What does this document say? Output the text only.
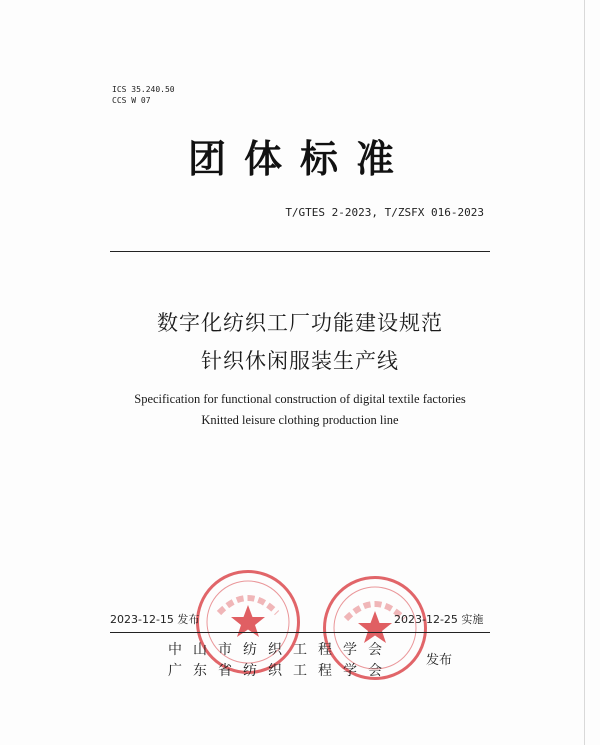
ICS 35.240.50
CCS W 07
团体标准
T/GTES 2-2023, T/ZSFX 016-2023
数字化纺织工厂功能建设规范
针织休闲服装生产线
Specification for functional construction of digital textile factories
Knitted leisure clothing production line
2023-12-15 发布	2023-12-25 实施
中山市纺织工程学会
广东省纺织工程学会
发布
